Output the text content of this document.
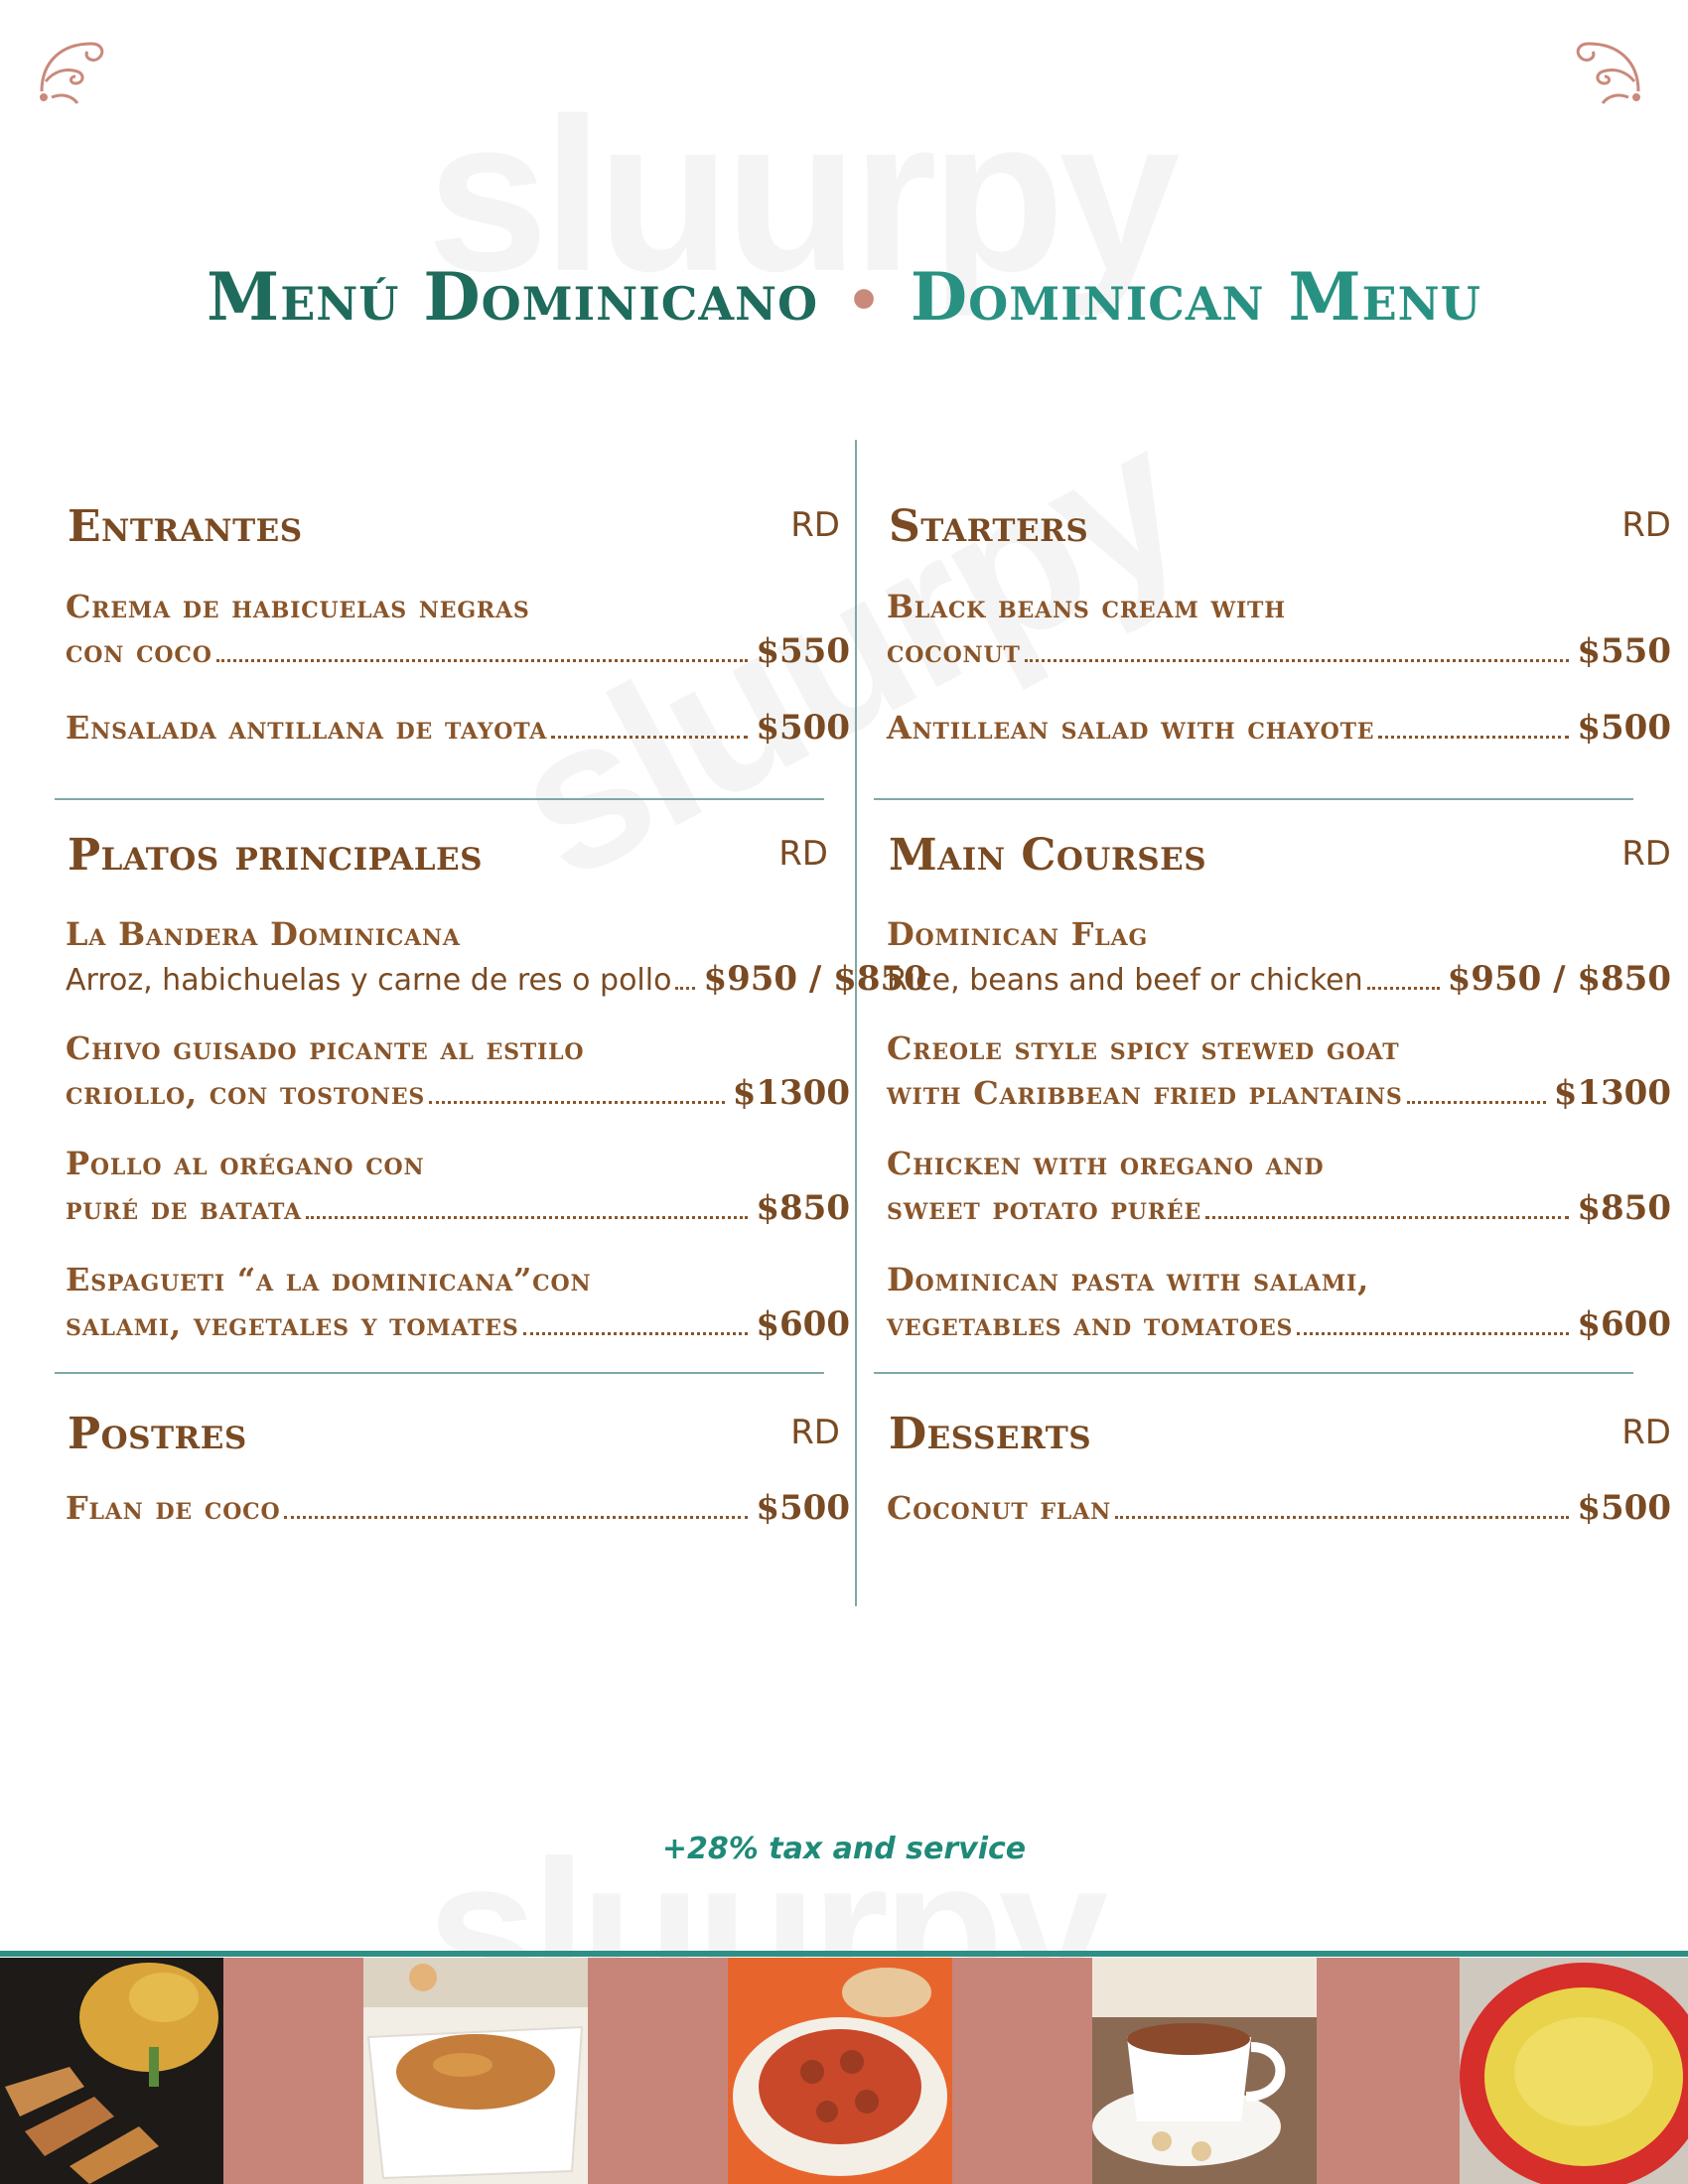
Menú Dominicano • Dominican Menu
Entrantes	RD
Crema de habicuelas negras
con coco	$550
Ensalada antillana de tayota	$500
Platos principales	RD
La Bandera Dominicana
Arroz, habichuelas y carne de res o pollo $950 / $850
Chivo guisado picante al estilo
criollo, con tostones	$1300
Pollo al orégano con
puré de batata	$850
Espagueti “a la dominicana”con
salami, vegetales y tomates	$600
Postres	RD
Flan de coco	$500
Starters	RD
Black beans cream with
coconut	$550
Antillean salad with chayote	$500
Main Courses	RD
Dominican Flag
Rice, beans and beef or chicken	$950 / $850
Creole style spicy stewed goat
with Caribbean fried plantains	$1300
Chicken with oregano and
sweet potato purée	$850
Dominican pasta with salami,
vegetables and tomatoes	$600
Desserts	RD
Coconut flan	$500
+28% tax and service
